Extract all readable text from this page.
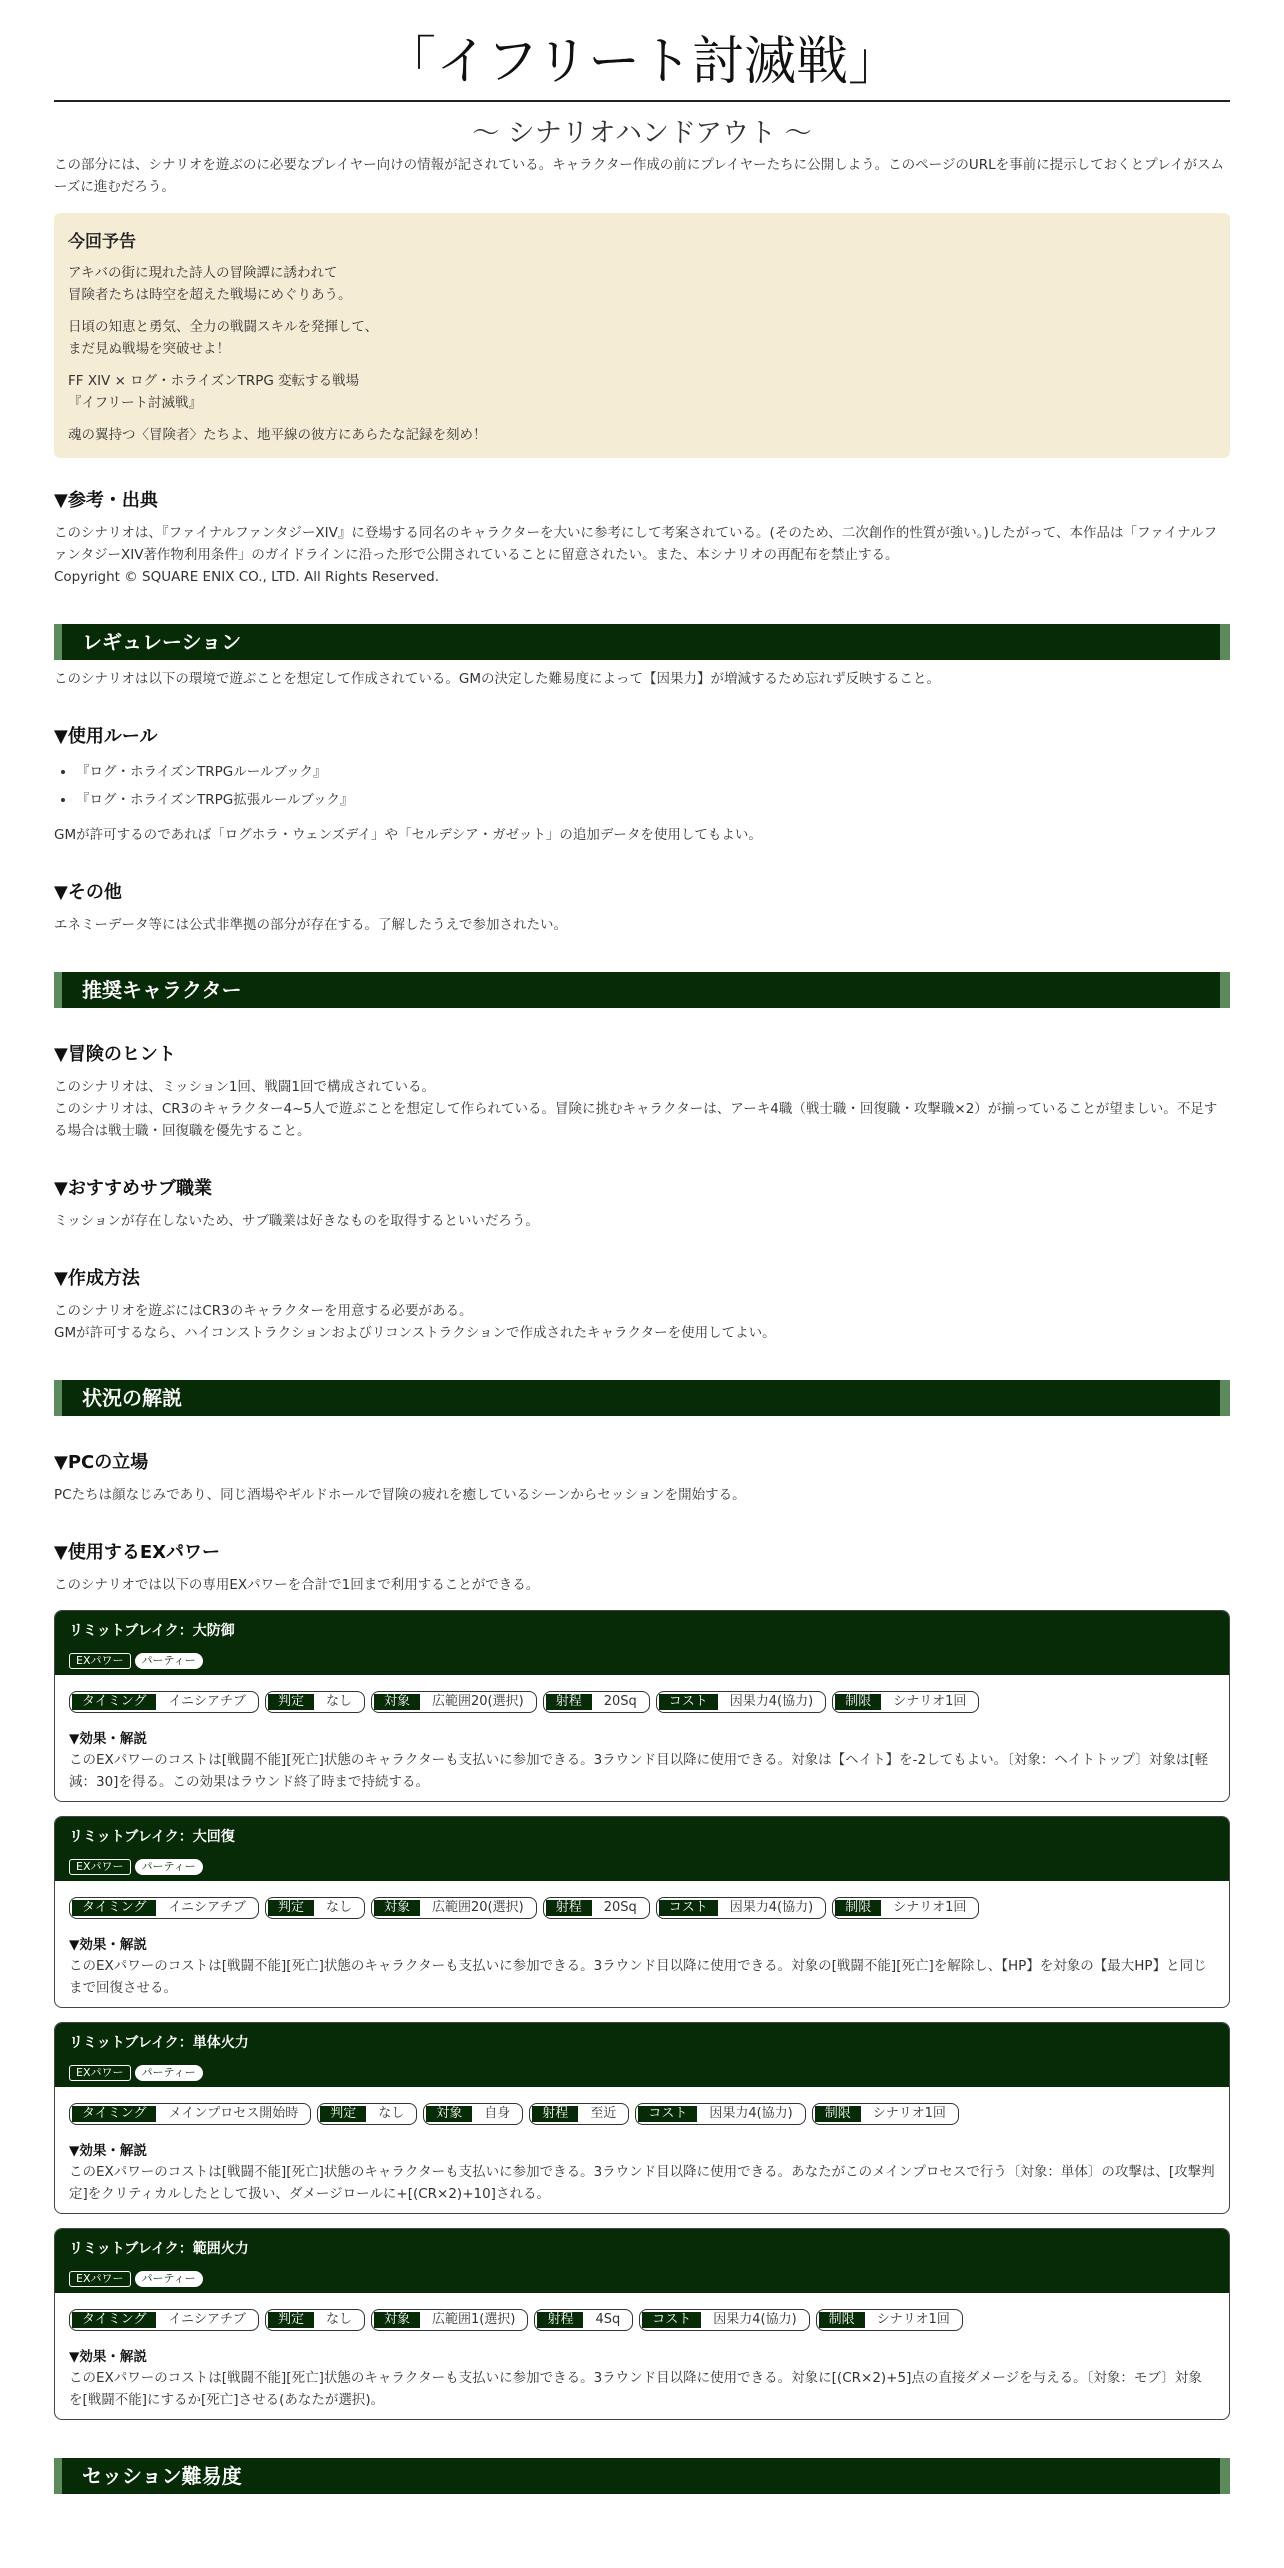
「イフリート討滅戦」
～ シナリオハンドアウト ～

この部分には、シナリオを遊ぶのに必要なプレイヤー向けの情報が記されている。キャラクター作成の前にプレイヤーたちに公開しよう。このページのURLを事前に提示しておくとプレイがスムーズに進むだろう。

今回予告

アキバの街に現れた詩人の冒険譚に誘われて
冒険者たちは時空を超えた戦場にめぐりあう。

日頃の知恵と勇気、全力の戦闘スキルを発揮して、
まだ見ぬ戦場を突破せよ！

FF XIV × ログ・ホライズンTRPG 変転する戦場
『イフリート討滅戦』

魂の翼持つ〈冒険者〉たちよ、地平線の彼方にあらたな記録を刻め！

▼参考・出典

このシナリオは、『ファイナルファンタジーXIV』に登場する同名のキャラクターを大いに参考にして考案されている。(そのため、二次創作的性質が強い。)したがって、本作品は「ファイナルファンタジーXIV著作物利用条件」のガイドラインに沿った形で公開されていることに留意されたい。また、本シナリオの再配布を禁止する。

Copyright © SQUARE ENIX CO., LTD. All Rights Reserved.

レギュレーション

このシナリオは以下の環境で遊ぶことを想定して作成されている。GMの決定した難易度によって【因果力】が増減するため忘れず反映すること。

▼使用ルール
• 『ログ・ホライズンTRPGルールブック』
• 『ログ・ホライズンTRPG拡張ルールブック』

GMが許可するのであれば「ログホラ・ウェンズデイ」や「セルデシア・ガゼット」の追加データを使用してもよい。

▼その他

エネミーデータ等には公式非準拠の部分が存在する。了解したうえで参加されたい。

推奨キャラクター
▼冒険のヒント

このシナリオは、ミッション1回、戦闘1回で構成されている。

このシナリオは、CR3のキャラクター4~5人で遊ぶことを想定して作られている。冒険に挑むキャラクターは、アーキ4職（戦士職・回復職・攻撃職×2）が揃っていることが望ましい。不足する場合は戦士職・回復職を優先すること。

▼おすすめサブ職業

ミッションが存在しないため、サブ職業は好きなものを取得するといいだろう。

▼作成方法

このシナリオを遊ぶにはCR3のキャラクターを用意する必要がある。

GMが許可するなら、ハイコンストラクションおよびリコンストラクションで作成されたキャラクターを使用してよい。

状況の解説
▼PCの立場

PCたちは顔なじみであり、同じ酒場やギルドホールで冒険の疲れを癒しているシーンからセッションを開始する。

▼使用するEXパワー

このシナリオでは以下の専用EXパワーを合計で1回まで利用することができる。

リミットブレイク：大防御
EXパワー パーティー
タイミング	イニシアチブ	判定	なし	対象	広範囲20(選択)	射程	20Sq	コスト	因果力4(協力)	制限	シナリオ1回
▼効果・解説

このEXパワーのコストは[戦闘不能][死亡]状態のキャラクターも支払いに参加できる。3ラウンド目以降に使用できる。対象は【ヘイト】を-2してもよい。〔対象：ヘイトトップ〕対象は[軽減：30]を得る。この効果はラウンド終了時まで持続する。

リミットブレイク：大回復
EXパワー パーティー
タイミング	イニシアチブ	判定	なし	対象	広範囲20(選択)	射程	20Sq	コスト	因果力4(協力)	制限	シナリオ1回
▼効果・解説

このEXパワーのコストは[戦闘不能][死亡]状態のキャラクターも支払いに参加できる。3ラウンド目以降に使用できる。対象の[戦闘不能][死亡]を解除し、【HP】を対象の【最大HP】と同じまで回復させる。

リミットブレイク：単体火力
EXパワー パーティー
タイミング	メインプロセス開始時	判定	なし	対象	自身	射程	至近	コスト	因果力4(協力)	制限	シナリオ1回
▼効果・解説

このEXパワーのコストは[戦闘不能][死亡]状態のキャラクターも支払いに参加できる。3ラウンド目以降に使用できる。あなたがこのメインプロセスで行う〔対象：単体〕の攻撃は、[攻撃判定]をクリティカルしたとして扱い、ダメージロールに+[(CR×2)+10]される。

リミットブレイク：範囲火力
EXパワー パーティー
タイミング	イニシアチブ	判定	なし	対象	広範囲1(選択)	射程	4Sq	コスト	因果力4(協力)	制限	シナリオ1回
▼効果・解説

このEXパワーのコストは[戦闘不能][死亡]状態のキャラクターも支払いに参加できる。3ラウンド目以降に使用できる。対象に[(CR×2)+5]点の直接ダメージを与える。〔対象：モブ〕対象を[戦闘不能]にするか[死亡]させる(あなたが選択)。

セッション難易度
